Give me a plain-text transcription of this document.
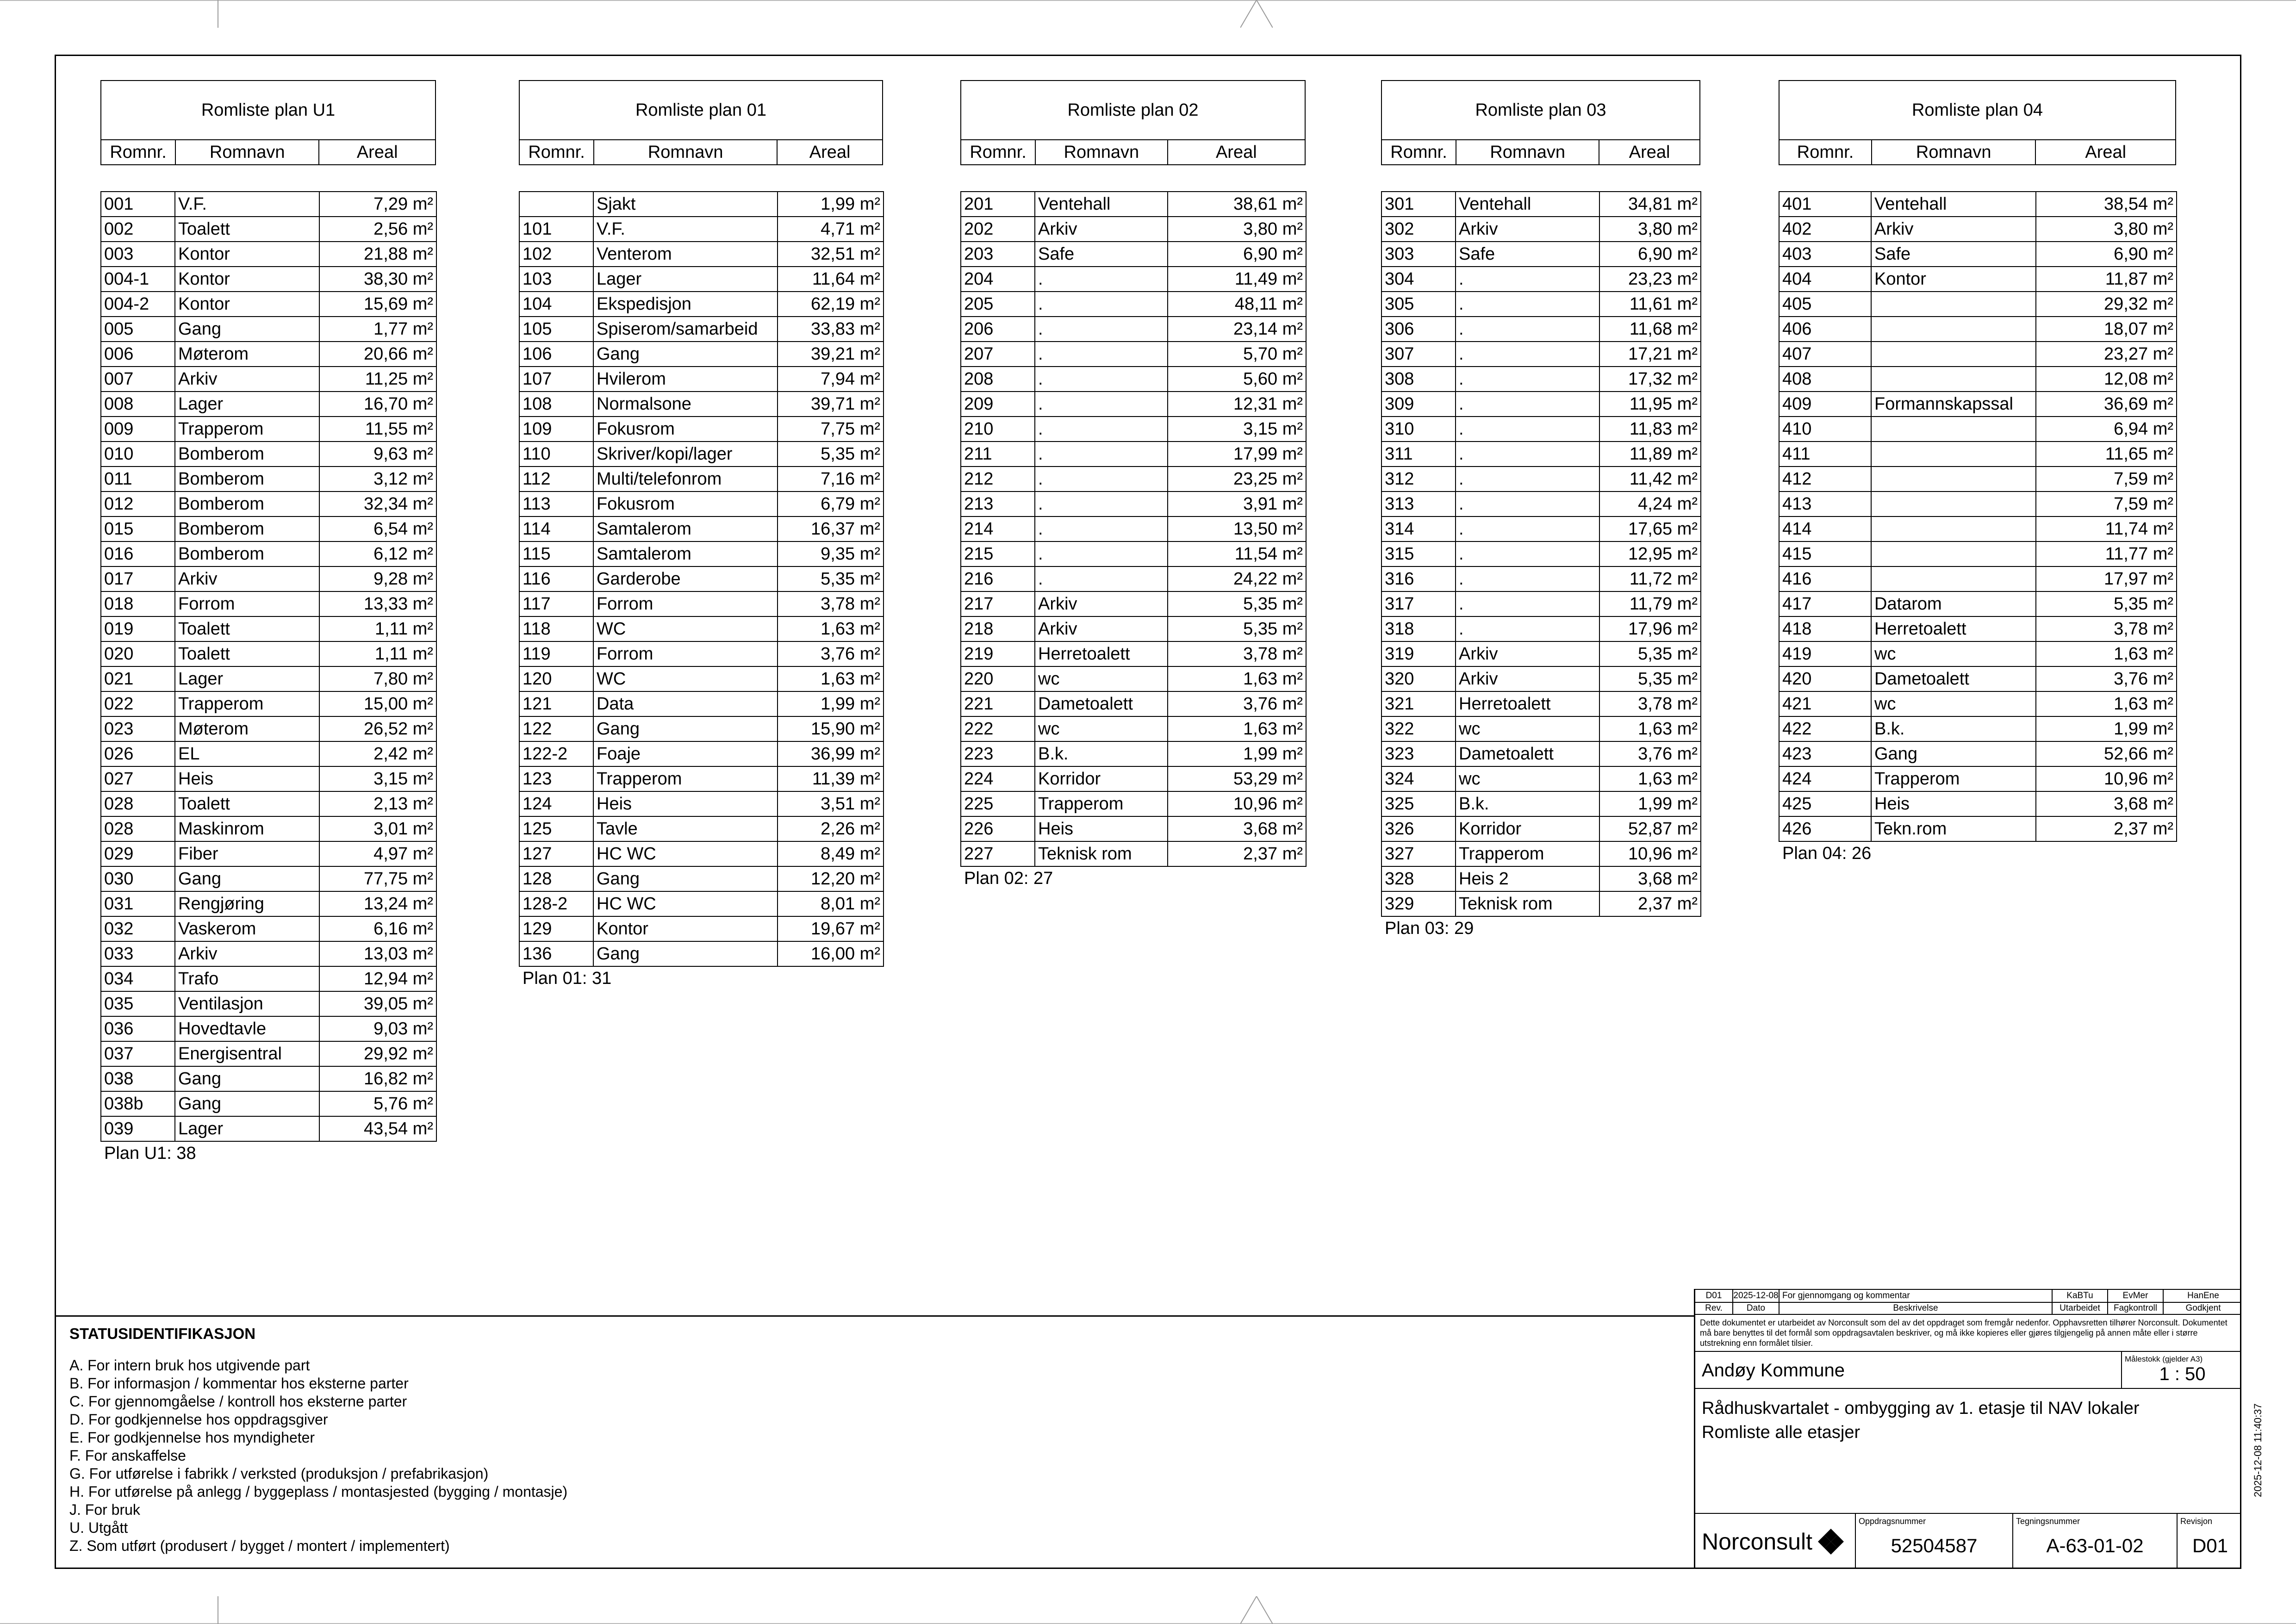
Romliste plan U1
Romnr.	Romnavn	Areal
001	V.F.	7,29 m²
002	Toalett	2,56 m²
003	Kontor	21,88 m²
004-1	Kontor	38,30 m²
004-2	Kontor	15,69 m²
005	Gang	1,77 m²
006	Møterom	20,66 m²
007	Arkiv	11,25 m²
008	Lager	16,70 m²
009	Trapperom	11,55 m²
010	Bomberom	9,63 m²
011	Bomberom	3,12 m²
012	Bomberom	32,34 m²
015	Bomberom	6,54 m²
016	Bomberom	6,12 m²
017	Arkiv	9,28 m²
018	Forrom	13,33 m²
019	Toalett	1,11 m²
020	Toalett	1,11 m²
021	Lager	7,80 m²
022	Trapperom	15,00 m²
023	Møterom	26,52 m²
026	EL	2,42 m²
027	Heis	3,15 m²
028	Toalett	2,13 m²
028	Maskinrom	3,01 m²
029	Fiber	4,97 m²
030	Gang	77,75 m²
031	Rengjøring	13,24 m²
032	Vaskerom	6,16 m²
033	Arkiv	13,03 m²
034	Trafo	12,94 m²
035	Ventilasjon	39,05 m²
036	Hovedtavle	9,03 m²
037	Energisentral	29,92 m²
038	Gang	16,82 m²
038b	Gang	5,76 m²
039	Lager	43,54 m²
Plan U1: 38
Romliste plan 01
Romnr.	Romnavn	Areal
	Sjakt	1,99 m²
101	V.F.	4,71 m²
102	Venterom	32,51 m²
103	Lager	11,64 m²
104	Ekspedisjon	62,19 m²
105	Spiserom/samarbeid	33,83 m²
106	Gang	39,21 m²
107	Hvilerom	7,94 m²
108	Normalsone	39,71 m²
109	Fokusrom	7,75 m²
110	Skriver/kopi/lager	5,35 m²
112	Multi/telefonrom	7,16 m²
113	Fokusrom	6,79 m²
114	Samtalerom	16,37 m²
115	Samtalerom	9,35 m²
116	Garderobe	5,35 m²
117	Forrom	3,78 m²
118	WC	1,63 m²
119	Forrom	3,76 m²
120	WC	1,63 m²
121	Data	1,99 m²
122	Gang	15,90 m²
122-2	Foaje	36,99 m²
123	Trapperom	11,39 m²
124	Heis	3,51 m²
125	Tavle	2,26 m²
127	HC WC	8,49 m²
128	Gang	12,20 m²
128-2	HC WC	8,01 m²
129	Kontor	19,67 m²
136	Gang	16,00 m²
Plan 01: 31
Romliste plan 02
Romnr.	Romnavn	Areal
201	Ventehall	38,61 m²
202	Arkiv	3,80 m²
203	Safe	6,90 m²
204	.	11,49 m²
205	.	48,11 m²
206	.	23,14 m²
207	.	5,70 m²
208	.	5,60 m²
209	.	12,31 m²
210	.	3,15 m²
211	.	17,99 m²
212	.	23,25 m²
213	.	3,91 m²
214	.	13,50 m²
215	.	11,54 m²
216	.	24,22 m²
217	Arkiv	5,35 m²
218	Arkiv	5,35 m²
219	Herretoalett	3,78 m²
220	wc	1,63 m²
221	Dametoalett	3,76 m²
222	wc	1,63 m²
223	B.k.	1,99 m²
224	Korridor	53,29 m²
225	Trapperom	10,96 m²
226	Heis	3,68 m²
227	Teknisk rom	2,37 m²
Plan 02: 27
Romliste plan 03
Romnr.	Romnavn	Areal
301	Ventehall	34,81 m²
302	Arkiv	3,80 m²
303	Safe	6,90 m²
304	.	23,23 m²
305	.	11,61 m²
306	.	11,68 m²
307	.	17,21 m²
308	.	17,32 m²
309	.	11,95 m²
310	.	11,83 m²
311	.	11,89 m²
312	.	11,42 m²
313	.	4,24 m²
314	.	17,65 m²
315	.	12,95 m²
316	.	11,72 m²
317	.	11,79 m²
318	.	17,96 m²
319	Arkiv	5,35 m²
320	Arkiv	5,35 m²
321	Herretoalett	3,78 m²
322	wc	1,63 m²
323	Dametoalett	3,76 m²
324	wc	1,63 m²
325	B.k.	1,99 m²
326	Korridor	52,87 m²
327	Trapperom	10,96 m²
328	Heis 2	3,68 m²
329	Teknisk rom	2,37 m²
Plan 03: 29
Romliste plan 04
Romnr.	Romnavn	Areal
401	Ventehall	38,54 m²
402	Arkiv	3,80 m²
403	Safe	6,90 m²
404	Kontor	11,87 m²
405		29,32 m²
406		18,07 m²
407		23,27 m²
408		12,08 m²
409	Formannskapssal	36,69 m²
410		6,94 m²
411		11,65 m²
412		7,59 m²
413		7,59 m²
414		11,74 m²
415		11,77 m²
416		17,97 m²
417	Datarom	5,35 m²
418	Herretoalett	3,78 m²
419	wc	1,63 m²
420	Dametoalett	3,76 m²
421	wc	1,63 m²
422	B.k.	1,99 m²
423	Gang	52,66 m²
424	Trapperom	10,96 m²
425	Heis	3,68 m²
426	Tekn.rom	2,37 m²
Plan 04: 26
STATUSIDENTIFIKASJON
A. For intern bruk hos utgivende part
B. For informasjon / kommentar hos eksterne parter
C. For gjennomgåelse / kontroll hos eksterne parter
D. For godkjennelse hos oppdragsgiver
E. For godkjennelse hos myndigheter
F. For anskaffelse
G. For utførelse i fabrikk / verksted (produksjon / prefabrikasjon)
H. For utførelse på anlegg / byggeplass / montasjested (bygging / montasje)
J. For bruk
U. Utgått
Z. Som utført (produsert / bygget / montert / implementert)
D01	2025-12-08 For gjennomgang og kommentar	KaBTu	EvMer	HanEne
Rev.	Dato	Beskrivelse	Utarbeidet	Fagkontroll	Godkjent
Dette dokumentet er utarbeidet av Norconsult som del av det oppdraget som fremgår nedenfor. Opphavsretten tilhører Norconsult. Dokumentet må bare benyttes til det formål som oppdragsavtalen beskriver, og må ikke kopieres eller gjøres tilgjengelig på annen måte eller i større utstrekning enn formålet tilsier.
Andøy Kommune
Målestokk (gjelder A3)
1 : 50
Rådhuskvartalet - ombygging av 1. etasje til NAV lokaler
Romliste alle etasjer
Norconsult
Oppdragsnummer
52504587
Tegningsnummer
A-63-01-02
Revisjon
D01
2025-12-08 11:40:37
